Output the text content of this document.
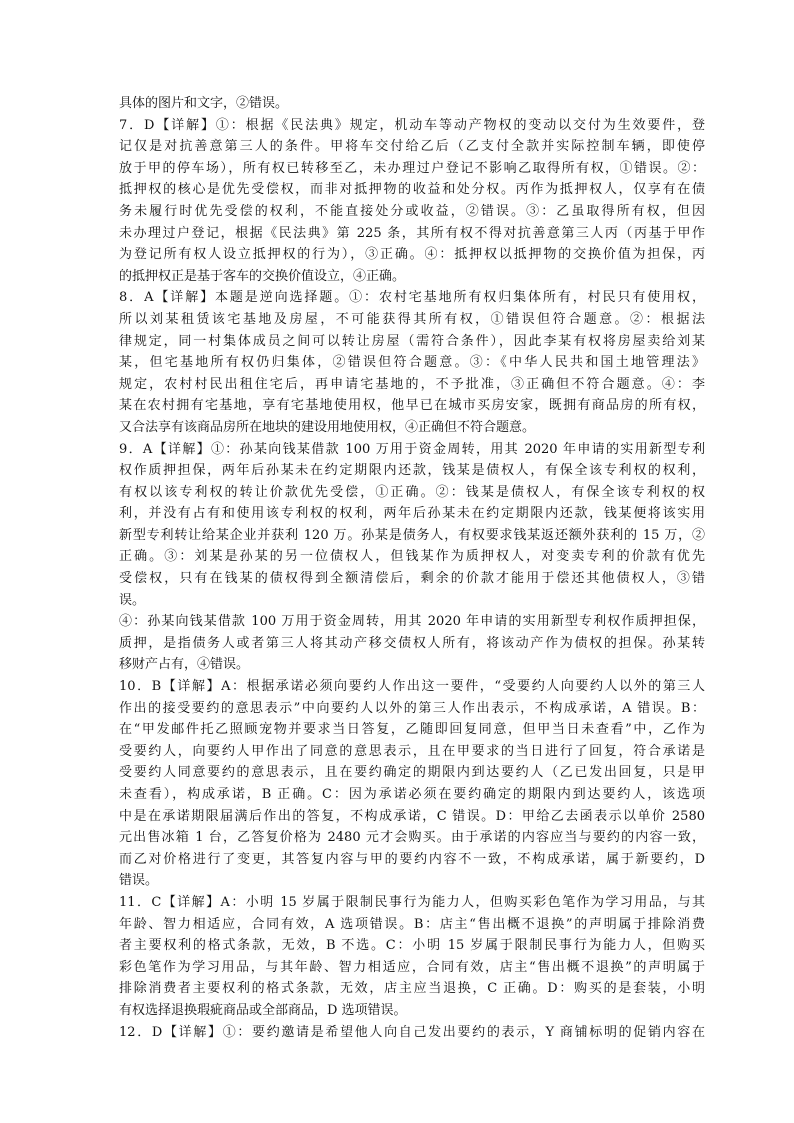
具体的图片和文字，②错误。
7．D【详解】①：根据《民法典》规定，机动车等动产物权的变动以交付为生效要件，登
记仅是对抗善意第三人的条件。甲将车交付给乙后（乙支付全款并实际控制车辆，即使停
放于甲的停车场），所有权已转移至乙，未办理过户登记不影响乙取得所有权，①错误。②：
抵押权的核心是优先受偿权，而非对抵押物的收益和处分权。丙作为抵押权人，仅享有在债
务未履行时优先受偿的权利，不能直接处分或收益，②错误。③：乙虽取得所有权，但因
未办理过户登记，根据《民法典》第 225 条，其所有权不得对抗善意第三人丙（丙基于甲作
为登记所有权人设立抵押权的行为），③正确。④：抵押权以抵押物的交换价值为担保，丙
的抵押权正是基于客车的交换价值设立，④正确。
8．A【详解】本题是逆向选择题。①：农村宅基地所有权归集体所有，村民只有使用权，
所以刘某租赁该宅基地及房屋，不可能获得其所有权，①错误但符合题意。②：根据法
律规定，同一村集体成员之间可以转让房屋（需符合条件），因此李某有权将房屋卖给刘某
某，但宅基地所有权仍归集体，②错误但符合题意。③：《中华人民共和国土地管理法》
规定，农村村民出租住宅后，再申请宅基地的，不予批准，③正确但不符合题意。④：李
某在农村拥有宅基地，享有宅基地使用权，他早已在城市买房安家，既拥有商品房的所有权，
又合法享有该商品房所在地块的建设用地使用权，④正确但不符合题意。
9．A【详解】①：孙某向钱某借款 100 万用于资金周转，用其 2020 年申请的实用新型专利
权作质押担保，两年后孙某未在约定期限内还款，钱某是债权人，有保全该专利权的权利，
有权以该专利权的转让价款优先受偿，①正确。②：钱某是债权人，有保全该专利权的权
利，并没有占有和使用该专利权的权利，两年后孙某未在约定期限内还款，钱某便将该实用
新型专利转让给某企业并获利 120 万。孙某是债务人，有权要求钱某返还额外获利的 15 万，②
正确。③：刘某是孙某的另一位债权人，但钱某作为质押权人，对变卖专利的价款有优先
受偿权，只有在钱某的债权得到全额清偿后，剩余的价款才能用于偿还其他债权人，③错
误。
④：孙某向钱某借款 100 万用于资金周转，用其 2020 年申请的实用新型专利权作质押担保，
质押，是指债务人或者第三人将其动产移交债权人所有，将该动产作为债权的担保。孙某转
移财产占有，④错误。
10．B【详解】A：根据承诺必须向要约人作出这一要件，“受要约人向要约人以外的第三人
作出的接受要约的意思表示”中向要约人以外的第三人作出表示，不构成承诺，A 错误。B：
在“甲发邮件托乙照顾宠物并要求当日答复，乙随即回复同意，但甲当日未查看”中，乙作为
受要约人，向要约人甲作出了同意的意思表示，且在甲要求的当日进行了回复，符合承诺是
受要约人同意要约的意思表示，且在要约确定的期限内到达要约人（乙已发出回复，只是甲
未查看），构成承诺，B 正确。C：因为承诺必须在要约确定的期限内到达要约人，该选项
中是在承诺期限届满后作出的答复，不构成承诺，C 错误。D：甲给乙去函表示以单价 2580
元出售冰箱 1 台，乙答复价格为 2480 元才会购买。由于承诺的内容应当与要约的内容一致，
而乙对价格进行了变更，其答复内容与甲的要约内容不一致，不构成承诺，属于新要约，D
错误。
11．C【详解】A：小明 15 岁属于限制民事行为能力人，但购买彩色笔作为学习用品，与其
年龄、智力相适应，合同有效，A 选项错误。B：店主“售出概不退换”的声明属于排除消费
者主要权利的格式条款，无效，B 不选。C：小明 15 岁属于限制民事行为能力人，但购买
彩色笔作为学习用品，与其年龄、智力相适应，合同有效，店主“售出概不退换”的声明属于
排除消费者主要权利的格式条款，无效，店主应当退换，C 正确。D：购买的是套装，小明
有权选择退换瑕疵商品或全部商品，D 选项错误。
12．D【详解】①：要约邀请是希望他人向自己发出要约的表示，Y 商铺标明的促销内容在
